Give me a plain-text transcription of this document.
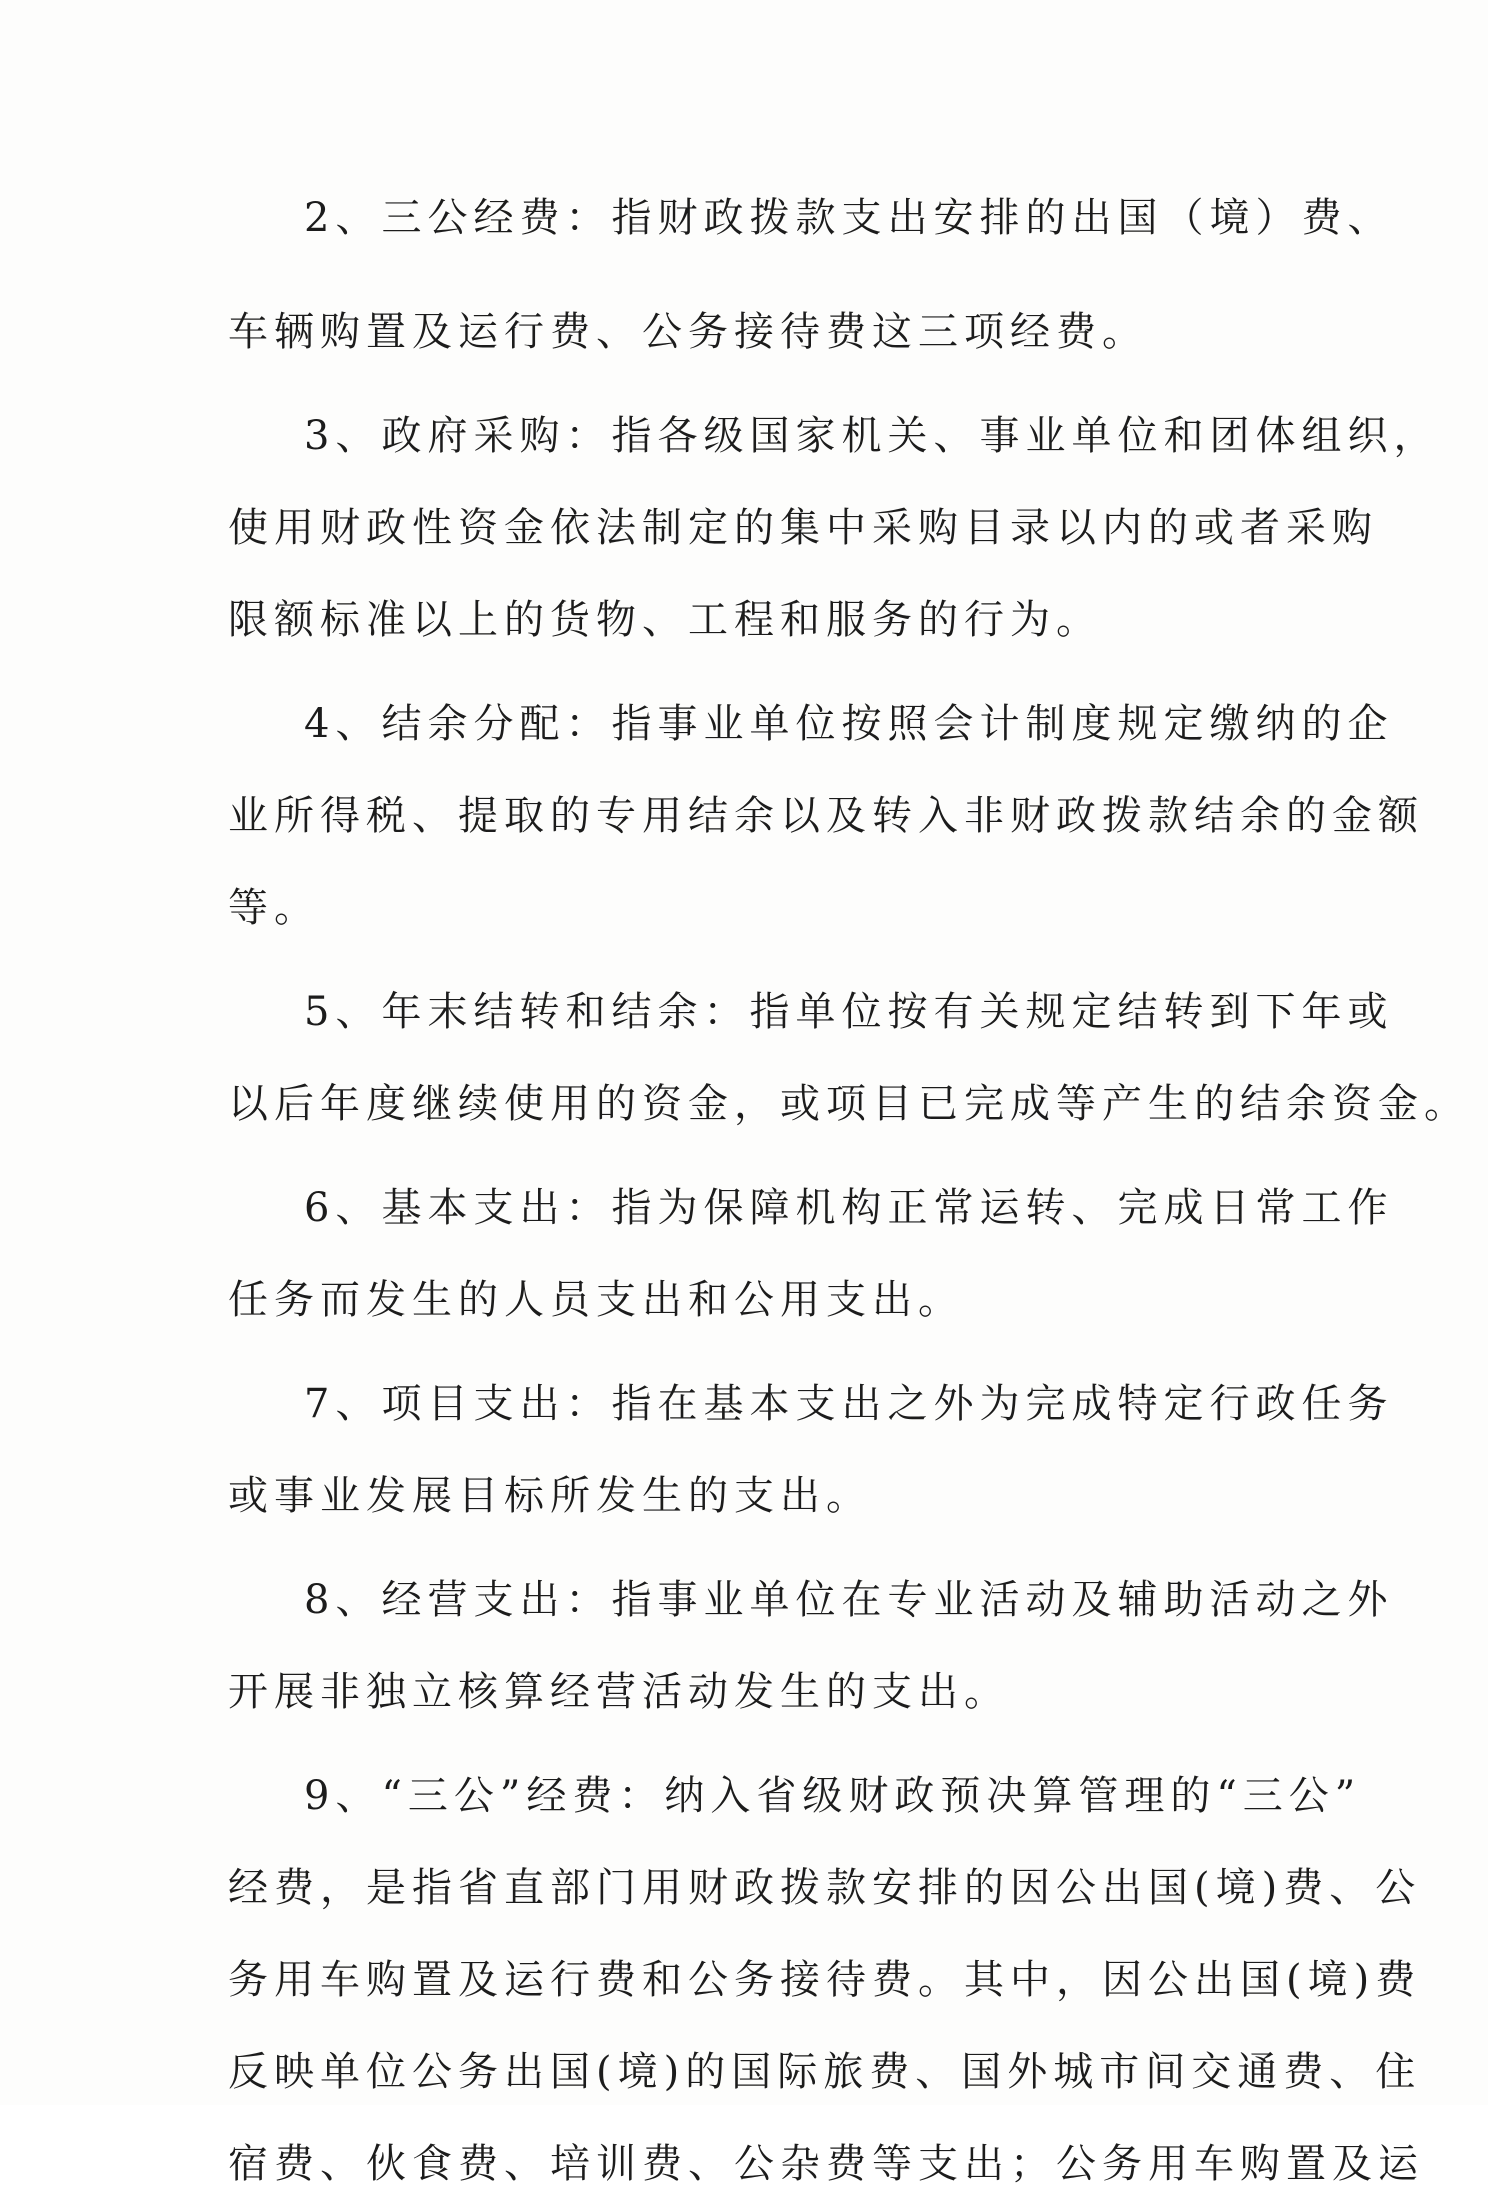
2、三公经费：指财政拨款支出安排的出国（境）费、
车辆购置及运行费、公务接待费这三项经费。
3、政府采购：指各级国家机关、事业单位和团体组织，
使用财政性资金依法制定的集中采购目录以内的或者采购
限额标准以上的货物、工程和服务的行为。
4、结余分配：指事业单位按照会计制度规定缴纳的企
业所得税、提取的专用结余以及转入非财政拨款结余的金额
等。
5、年末结转和结余：指单位按有关规定结转到下年或
以后年度继续使用的资金，或项目已完成等产生的结余资金。
6、基本支出：指为保障机构正常运转、完成日常工作
任务而发生的人员支出和公用支出。
7、项目支出：指在基本支出之外为完成特定行政任务
或事业发展目标所发生的支出。
8、经营支出：指事业单位在专业活动及辅助活动之外
开展非独立核算经营活动发生的支出。
9、“三公”经费：纳入省级财政预决算管理的“三公”
经费，是指省直部门用财政拨款安排的因公出国(境)费、公
务用车购置及运行费和公务接待费。其中，因公出国(境)费
反映单位公务出国(境)的国际旅费、国外城市间交通费、住
宿费、伙食费、培训费、公杂费等支出；公务用车购置及运
